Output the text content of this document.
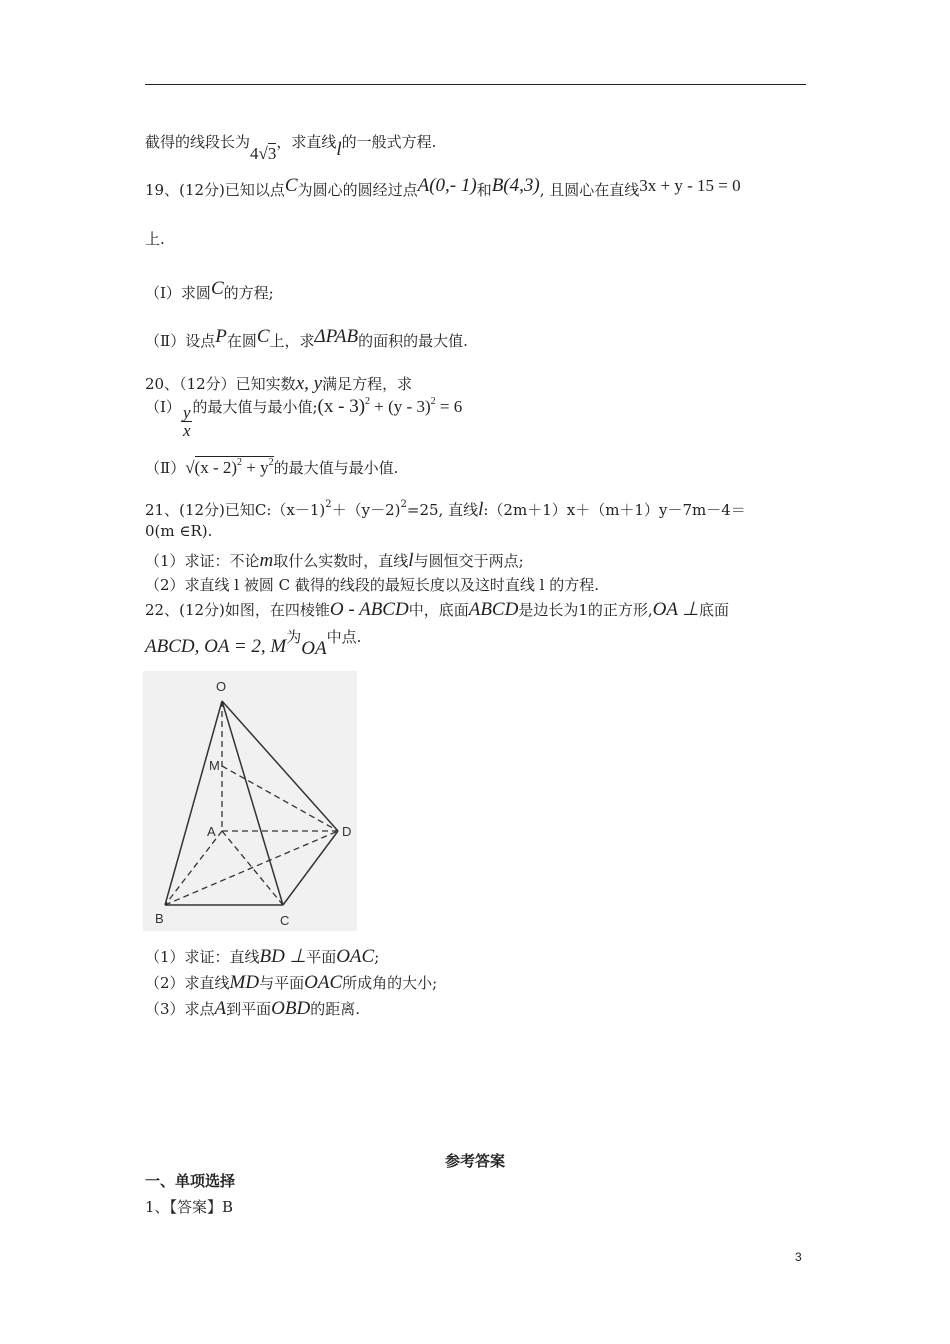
截得的线段长为4√3，求直线l的一般式方程.
19、(12分)已知以点C为圆心的圆经过点A(0,- 1)和B(4,3), 且圆心在直线3x + y - 15 = 0
上.
（Ⅰ）求圆C的方程;
（Ⅱ）设点P在圆C上，求ΔPAB的面积的最大值.
20、（12分）已知实数x, y满足方程，求
（Ⅰ） $\frac{y}{x}$ 的最大值与最小值;(x - 3)$^2$ + (y - 3)$^2$ = 6
（Ⅱ）√(x - $2)^2 + y^2$的最大值与最小值.
21、(12分)已知C:（x－1)$^2$＋（y－2)$^2$=25, 直线l:（2m＋1）x＋（m＋1）y－7m－4＝
0(m ∈R).
（1）求证：不论m取什么实数时，直线l与圆恒交于两点;
（2）求直线 l 被圆 C 截得的线段的最短长度以及这时直线 l 的方程.
22、(12分)如图，在四棱锥O - ABCD中，底面ABCD是边长为1的正方形,OA ⊥底面
ABCD, OA = 2, M为OA中点.
O
M
A	D
B	C
（1）求证：直线BD ⊥平面OAC;
（2）求直线MD与平面OAC所成角的大小;
（3）求点A到平面OBD的距离.
参考答案
一、单项选择
1、【答案】B
3
